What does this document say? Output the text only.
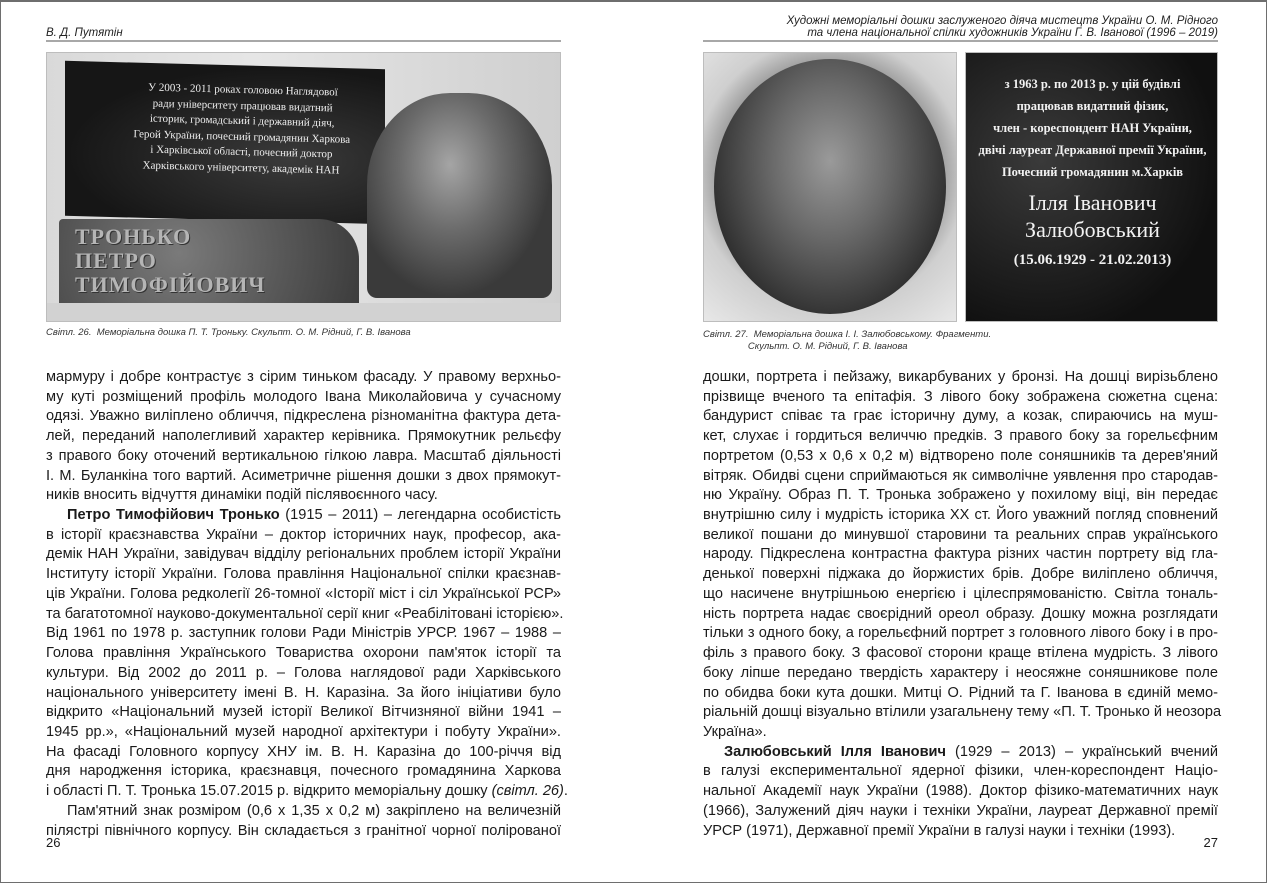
В. Д. Путятін
У 2003 - 2011 роках головою Наглядової
ради університету працював видатний
історик, громадський і державний діяч,
Герой України, почесний громадянин Харкова
і Харківської області, почесний доктор
Харківського університету, академік НАН
ТРОНЬКО
ПЕТРО
ТИМОФІЙОВИЧ
Світл. 26.  Меморіальна дошка П. Т. Троньку. Скульпт. О. М. Рідний, Г. В. Іванова
мармуру і добре контрастує з сірим тиньком фасаду. У правому верхньо-
му куті розміщений профіль молодого Івана Миколайовича у сучасному
одязі. Уважно виліплено обличчя, підкреслена різноманітна фактура дета-
лей, переданий наполегливий характер керівника. Прямокутник рельєфу
з правого боку оточений вертикальною гілкою лавра. Масштаб діяльності
І. М. Буланкіна того вартий. Асиметричне рішення дошки з двох прямокут-
ників вносить відчуття динаміки подій післявоєнного часу.
Петро Тимофійович Тронько (1915 – 2011) – легендарна особистість
в історії краєзнавства України – доктор історичних наук, професор, ака-
демік НАН України, завідувач відділу регіональних проблем історії України
Інституту історії України. Голова правління Національної спілки краєзнав-
ців України. Голова редколегії 26-томної «Історії міст і сіл Української РСР»
та багатотомної науково-документальної серії книг «Реабілітовані історією».
Від 1961 по 1978 р. заступник голови Ради Міністрів УРСР. 1967 – 1988 –
Голова правління Українського Товариства охорони пам'яток історії та
культури. Від 2002 до 2011 р. – Голова наглядової ради Харківського
національного університету імені В. Н. Каразіна. За його ініціативи було
відкрито «Національний музей історії Великої Вітчизняної війни 1941 –
1945 рр.», «Національний музей народної архітектури і побуту України».
На фасаді Головного корпусу ХНУ ім. В. Н. Каразіна до 100-річчя від
дня народження історика, краєзнавця, почесного громадянина Харкова
і області П. Т. Тронька 15.07.2015 р. відкрито меморіальну дошку (світл. 26).
Пам'ятний знак розміром (0,6 х 1,35 х 0,2 м) закріплено на величезній
пілястрі північного корпусу. Він складається з гранітної чорної полірованої
26
Художні меморіальні дошки заслуженого діяча мистецтв України О. М. Рідного
та члена національної спілки художників України Г. В. Іванової (1996 – 2019)
з 1963 р. по 2013 р. у цій будівлі
працював видатний фізик,
член - кореспондент НАН України,
двічі лауреат Державної премії України,
Почесний громадянин м.Харків
Ілля Іванович
Залюбовський
(15.06.1929 - 21.02.2013)
Світл. 27.  Меморіальна дошка І. І. Залюбовському. Фрагменти.
Скульпт. О. М. Рідний, Г. В. Іванова
дошки, портрета і пейзажу, викарбуваних у бронзі. На дошці вирізьблено
прізвище вченого та епітафія. З лівого боку зображена сюжетна сцена:
бандурист співає та грає історичну думу, а козак, спираючись на муш-
кет, слухає і гордиться величчю предків. З правого боку за горельєфним
портретом (0,53 х 0,6 х 0,2 м) відтворено поле соняшників та дерев'яний
вітряк. Обидві сцени сприймаються як символічне уявлення про стародав-
ню Україну. Образ П. Т. Тронька зображено у похилому віці, він передає
внутрішню силу і мудрість історика ХХ ст. Його уважний погляд сповнений
великої пошани до минувшої старовини та реальних справ українського
народу. Підкреслена контрастна фактура різних частин портрету від гла-
денької поверхні піджака до йоржистих брів. Добре виліплено обличчя,
що насичене внутрішньою енергією і цілеспрямованістю. Світла тональ-
ність портрета надає своєрідний ореол образу. Дошку можна розглядати
тільки з одного боку, а горельєфний портрет з головного лівого боку і в про-
філь з правого боку. З фасової сторони краще втілена мудрість. З лівого
боку ліпше передано твердість характеру і неосяжне соняшникове поле
по обидва боки кута дошки. Митці О. Рідний та Г. Іванова в єдиній мемо-
ріальній дошці візуально втілили узагальнену тему «П. Т. Тронько й неозора
Україна».
Залюбовський Ілля Іванович (1929 – 2013) – український вчений
в галузі експериментальної ядерної фізики, член-кореспондент Націо-
нальної Академії наук України (1988). Доктор фізико-математичних наук
(1966), Залужений діяч науки і техніки України, лауреат Державної премії
УРСР (1971), Державної премії України в галузі науки і техніки (1993).
27
